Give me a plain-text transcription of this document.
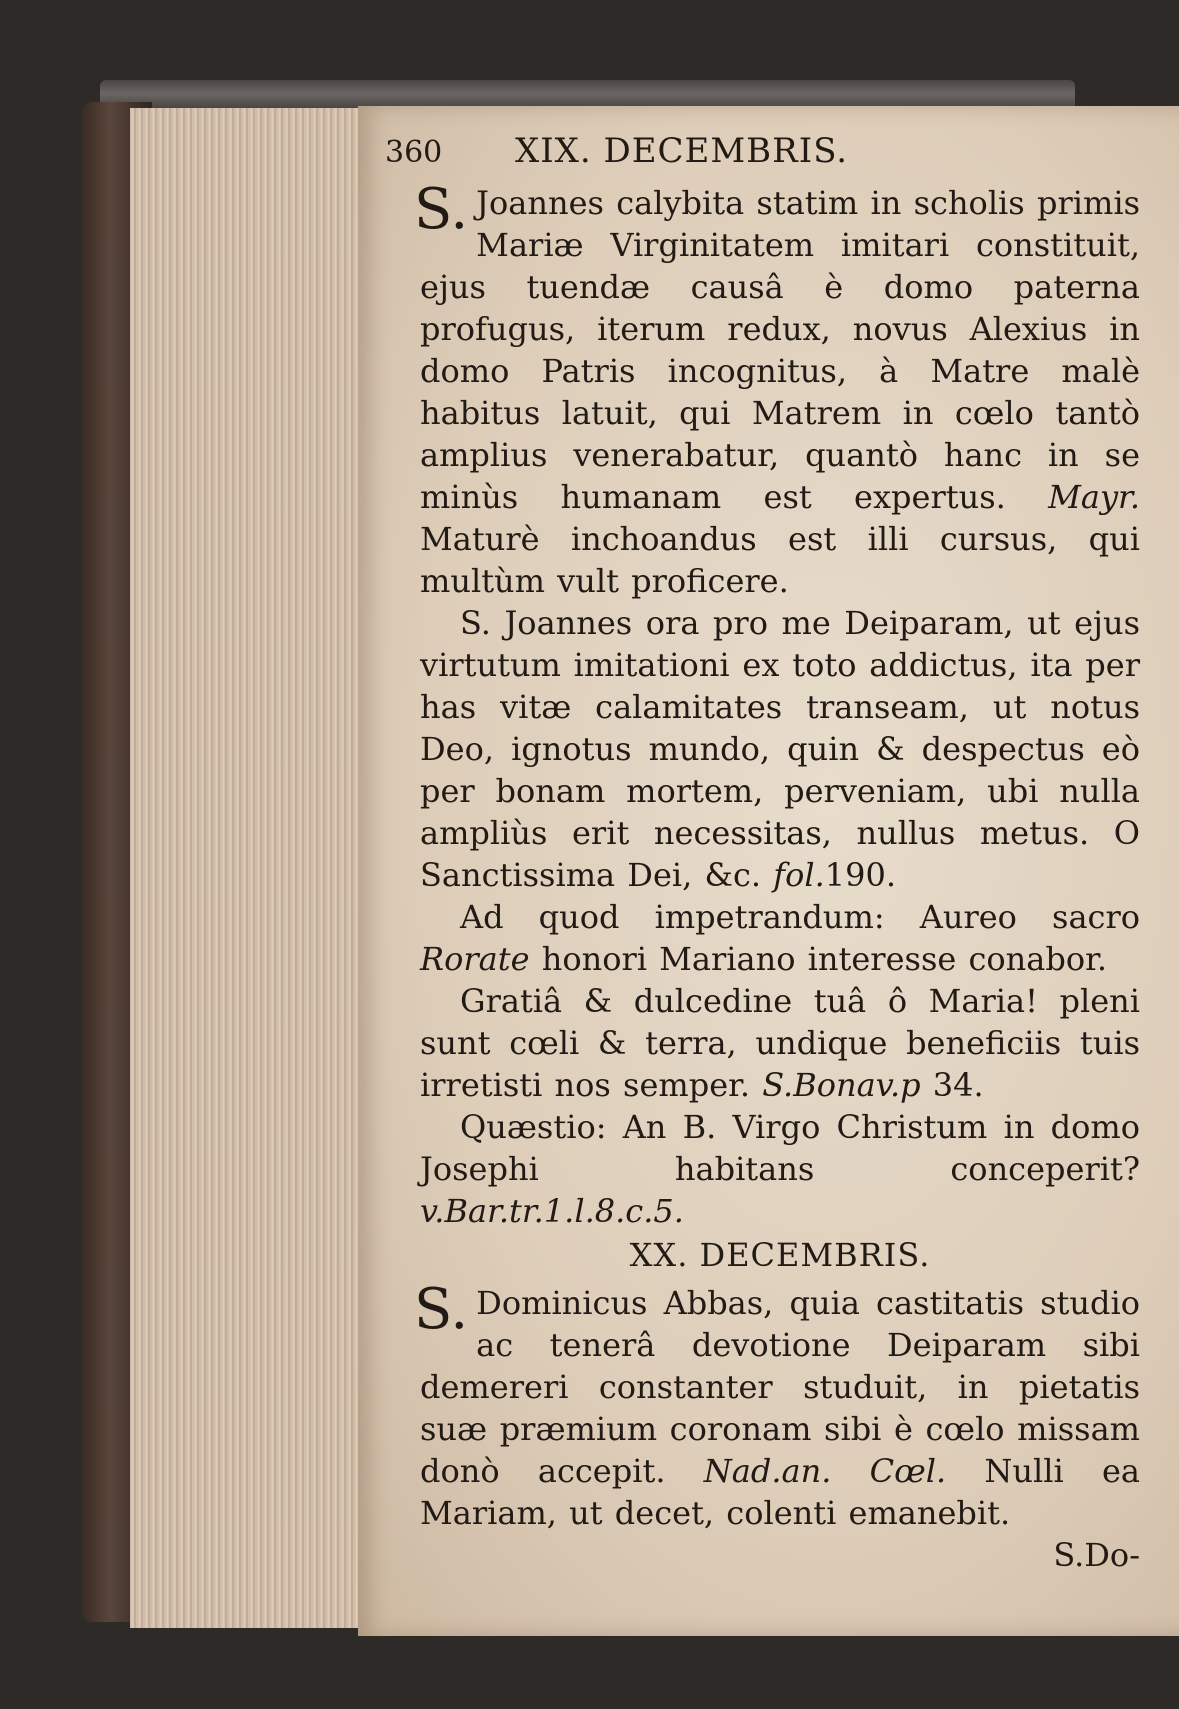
360	XIX. DECEMBRIS.

S. Joannes calybita statim in scholis primis Mariæ Virginitatem imitari constituit, ejus tuendæ causâ è domo paterna profugus, iterum redux, novus Alexius in domo Patris incognitus, à Matre malè habitus latuit, qui Matrem in cœlo tantò amplius venerabatur, quantò hanc in se minùs humanam est expertus. Mayr. Maturè inchoandus est illi cursus, qui multùm vult proficere.

S. Joannes ora pro me Deiparam, ut ejus virtutum imitationi ex toto addictus, ita per has vitæ calamitates transeam, ut notus Deo, ignotus mundo, quin & despectus eò per bonam mortem, perveniam, ubi nulla ampliùs erit necessitas, nullus metus. O Sanctissima Dei, &c. fol.190.

Ad quod impetrandum: Aureo sacro Rorate honori Mariano interesse conabor.

Gratiâ & dulcedine tuâ ô Maria! pleni sunt cœli & terra, undique beneficiis tuis irretisti nos semper. S.Bonav.p 34.

Quæstio: An B. Virgo Christum in domo Josephi habitans conceperit? v.Bar.tr.1.l.8.c.5.

XX. DECEMBRIS.

S. Dominicus Abbas, quia castitatis studio ac tenerâ devotione Deiparam sibi demereri constanter studuit, in pietatis suæ præmium coronam sibi è cœlo missam donò accepit. Nad.an. Cœl. Nulli ea Mariam, ut decet, colenti emanebit.

S.Do-
